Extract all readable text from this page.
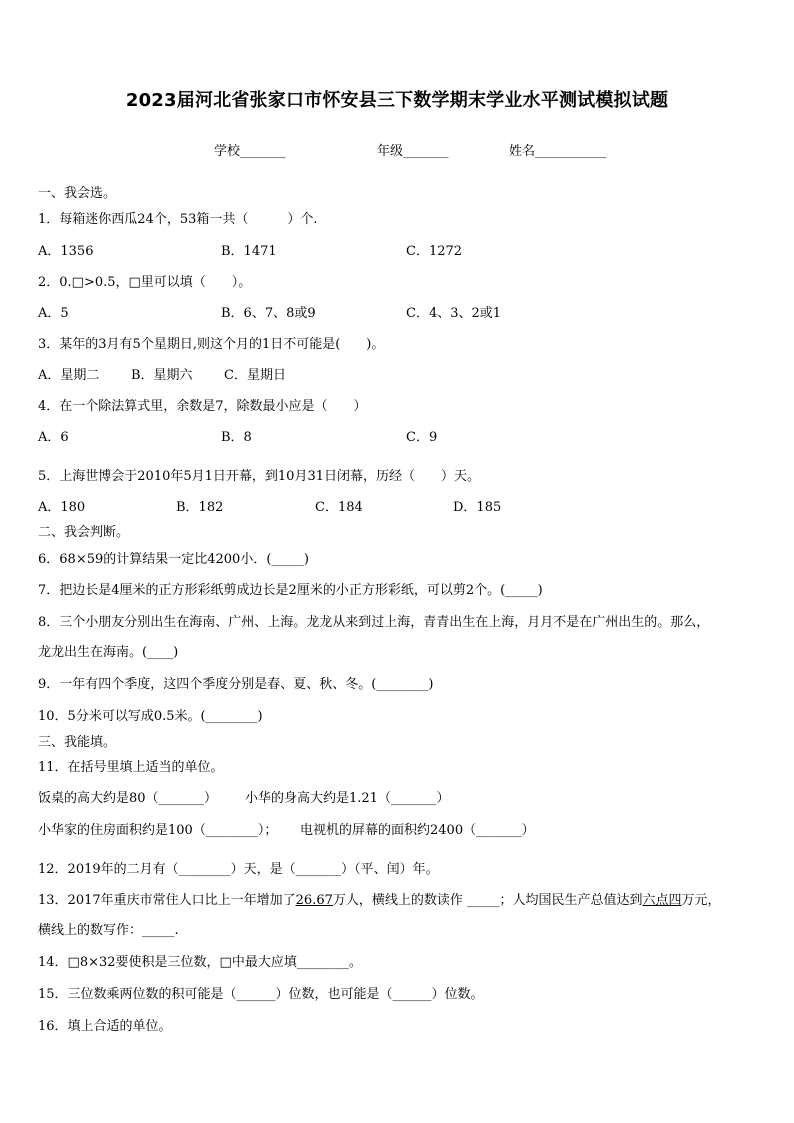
2023届河北省张家口市怀安县三下数学期末学业水平测试模拟试题
学校_______	年级_______	姓名___________
一、我会选。
1．每箱迷你西瓜24个，53箱一共（　　　）个.
A．1356	B．1471	C．1272
2．0.□>0.5，□里可以填（　　）。
A．5	B．6、7、8或9	C．4、3、2或1
3．某年的3月有5个星期日,则这个月的1日不可能是(　　)。
A．星期二 B．星期六 C．星期日
4．在一个除法算式里，余数是7，除数最小应是（　　）
A．6	B．8	C．9
5．上海世博会于2010年5月1日开幕，到10月31日闭幕，历经（　　）天。
A．180	B．182	C．184	D．185
二、我会判断。
6．68×59的计算结果一定比4200小．(_____)
7．把边长是4厘米的正方形彩纸剪成边长是2厘米的小正方形彩纸，可以剪2个。(_____)
8．三个小朋友分别出生在海南、广州、上海。龙龙从来到过上海，青青出生在上海，月月不是在广州出生的。那么，
龙龙出生在海南。(____)
9．一年有四个季度，这四个季度分别是春、夏、秋、冬。(________)
10．5分米可以写成0.5米。(________)
三、我能填。
11．在括号里填上适当的单位。
饭桌的高大约是80（_______） 小华的身高大约是1.21（_______）
小华家的住房面积约是100（________）； 电视机的屏幕的面积约2400（_______）
12．2019年的二月有（________）天，是（_______）（平、闰）年。
13．2017年重庆市常住人口比上一年增加了26.67万人，横线上的数读作 _____；人均国民生产总值达到六点四万元，
横线上的数写作：_____.
14．□8×32要使积是三位数，□中最大应填________。
15．三位数乘两位数的积可能是（______）位数，也可能是（______）位数。
16．填上合适的单位。
